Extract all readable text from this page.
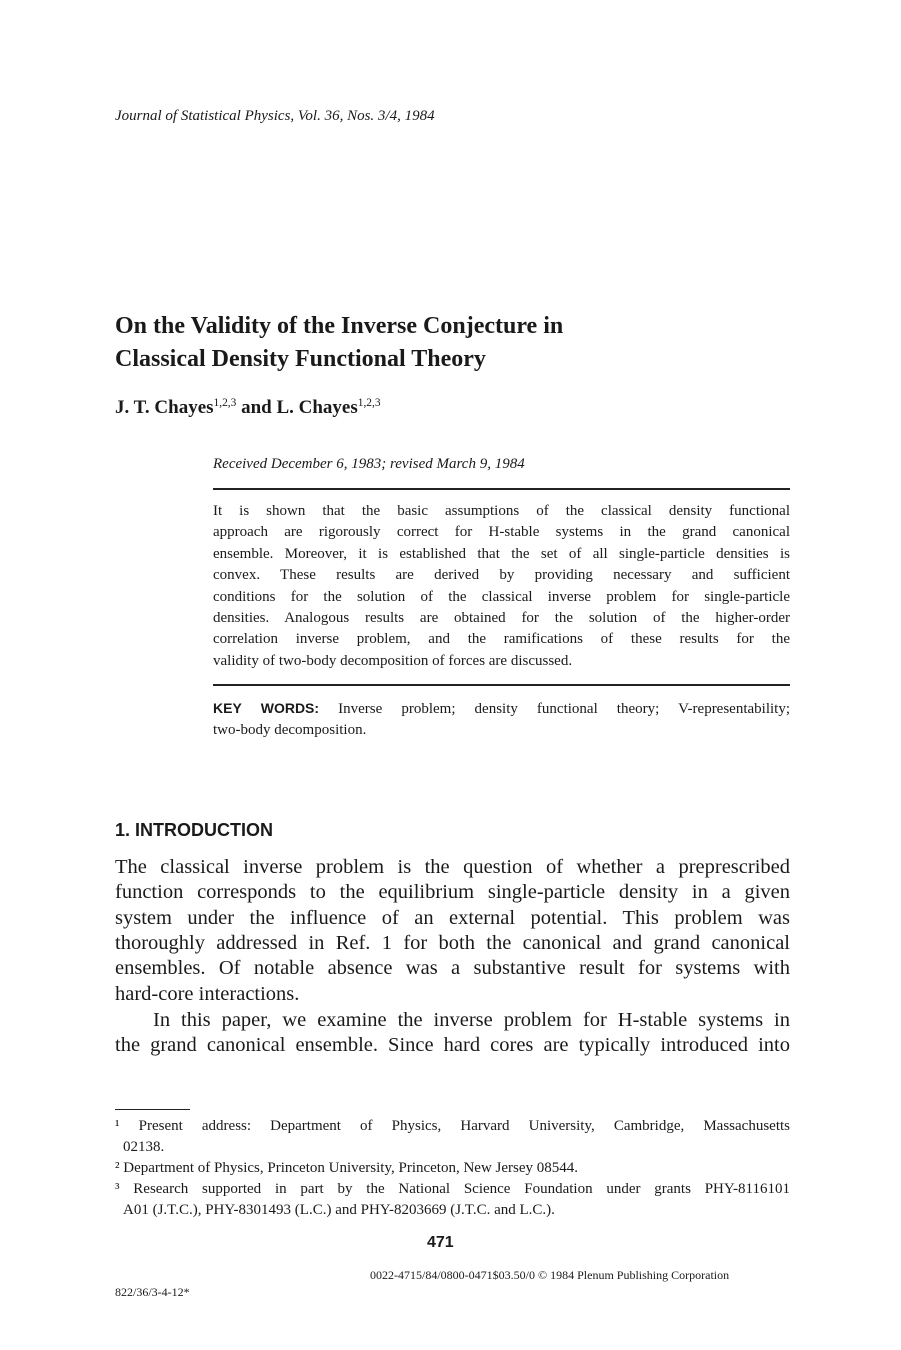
Journal of Statistical Physics, Vol. 36, Nos. 3/4, 1984
On the Validity of the Inverse Conjecture in
Classical Density Functional Theory
J. T. Chayes$^{1,2,3}$ and L. Chayes$^{1,2,3}$
Received December 6, 1983; revised March 9, 1984
It is shown that the basic assumptions of the classical density functional
approach are rigorously correct for H-stable systems in the grand canonical
ensemble. Moreover, it is established that the set of all single-particle densities is
convex. These results are derived by providing necessary and sufficient
conditions for the solution of the classical inverse problem for single-particle
densities. Analogous results are obtained for the solution of the higher-order
correlation inverse problem, and the ramifications of these results for the
validity of two-body decomposition of forces are discussed.
KEY WORDS: Inverse problem; density functional theory; V-representability;
two-body decomposition.
1. INTRODUCTION
The classical inverse problem is the question of whether a preprescribed
function corresponds to the equilibrium single-particle density in a given
system under the influence of an external potential. This problem was
thoroughly addressed in Ref. 1 for both the canonical and grand canonical
ensembles. Of notable absence was a substantive result for systems with
hard-core interactions.
In this paper, we examine the inverse problem for H-stable systems in
the grand canonical ensemble. Since hard cores are typically introduced into
¹ Present address: Department of Physics, Harvard University, Cambridge, Massachusetts
02138.
² Department of Physics, Princeton University, Princeton, New Jersey 08544.
³ Research supported in part by the National Science Foundation under grants PHY-8116101
A01 (J.T.C.), PHY-8301493 (L.C.) and PHY-8203669 (J.T.C. and L.C.).
471
0022-4715/84/0800-0471$03.50/0 © 1984 Plenum Publishing Corporation
822/36/3-4-12*
